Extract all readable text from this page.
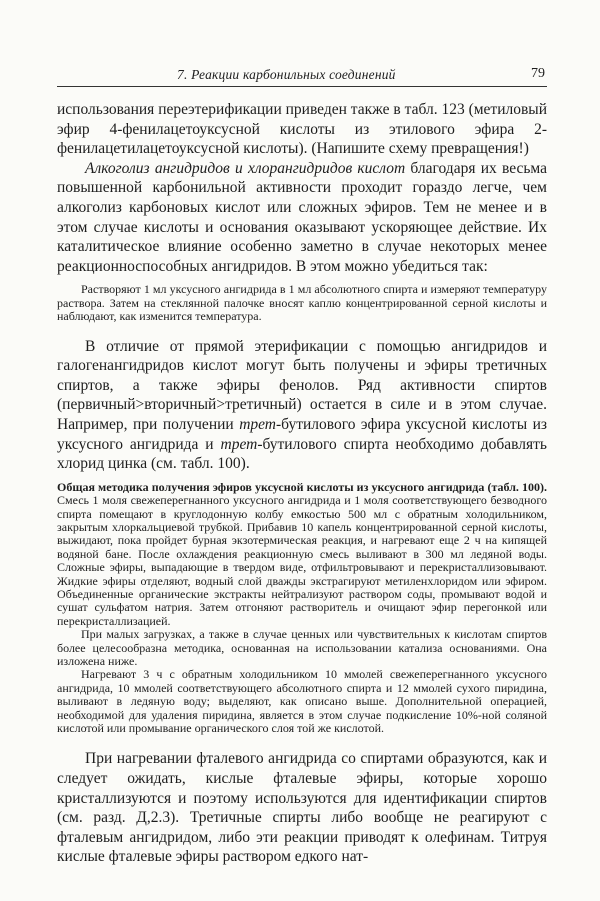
7. Реакции карбонильных соединений	79

использования переэтерификации приведен также в табл. 123 (метиловый эфир 4-фенилацетоуксусной кислоты из этилового эфира 2-фенилацетилацетоуксусной кислоты). (Напишите схему превращения!)

Алкоголиз ангидридов и хлорангидридов кислот благодаря их весьма повышенной карбонильной активности проходит гораздо легче, чем алкоголиз карбоновых кислот или сложных эфиров. Тем не менее и в этом случае кислоты и основания оказывают ускоряющее действие. Их каталитическое влияние особенно заметно в случае некоторых менее реакционноспособных ангидридов. В этом можно убедиться так:

Растворяют 1 мл уксусного ангидрида в 1 мл абсолютного спирта и измеряют температуру раствора. Затем на стеклянной палочке вносят каплю концентрированной серной кислоты и наблюдают, как изменится температура.

В отличие от прямой этерификации с помощью ангидридов и галогенангидридов кислот могут быть получены и эфиры третичных спиртов, а также эфиры фенолов. Ряд активности спиртов (первичный>вторичный>третичный) остается в силе и в этом случае. Например, при получении трет-бутилового эфира уксусной кислоты из уксусного ангидрида и трет-бутилового спирта необходимо добавлять хлорид цинка (см. табл. 100).

Общая методика получения эфиров уксусной кислоты из уксусного ангидрида (табл. 100). Смесь 1 моля свежеперегнанного уксусного ангидрида и 1 моля соответствующего безводного спирта помещают в круглодонную колбу емкостью 500 мл с обратным холодильником, закрытым хлоркальциевой трубкой. Прибавив 10 капель концентрированной серной кислоты, выжидают, пока пройдет бурная экзотермическая реакция, и нагревают еще 2 ч на кипящей водяной бане. После охлаждения реакционную смесь выливают в 300 мл ледяной воды. Сложные эфиры, выпадающие в твердом виде, отфильтровывают и перекристаллизовывают. Жидкие эфиры отделяют, водный слой дважды экстрагируют метиленхлоридом или эфиром. Объединенные органические экстракты нейтрализуют раствором соды, промывают водой и сушат сульфатом натрия. Затем отгоняют растворитель и очищают эфир перегонкой или перекристаллизацией.

При малых загрузках, а также в случае ценных или чувствительных к кислотам спиртов более целесообразна методика, основанная на использовании катализа основаниями. Она изложена ниже.

Нагревают 3 ч с обратным холодильником 10 ммолей свежеперегнанного уксусного ангидрида, 10 ммолей соответствующего абсолютного спирта и 12 ммолей сухого пиридина, выливают в ледяную воду; выделяют, как описано выше. Дополнительной операцией, необходимой для удаления пиридина, является в этом случае подкисление 10%-ной соляной кислотой или промывание органического слоя той же кислотой.

При нагревании фталевого ангидрида со спиртами образуются, как и следует ожидать, кислые фталевые эфиры, которые хорошо кристаллизуются и поэтому используются для идентификации спиртов (см. разд. Д,2.3). Третичные спирты либо вообще не реагируют с фталевым ангидридом, либо эти реакции приводят к олефинам. Титруя кислые фталевые эфиры раствором едкого нат-
